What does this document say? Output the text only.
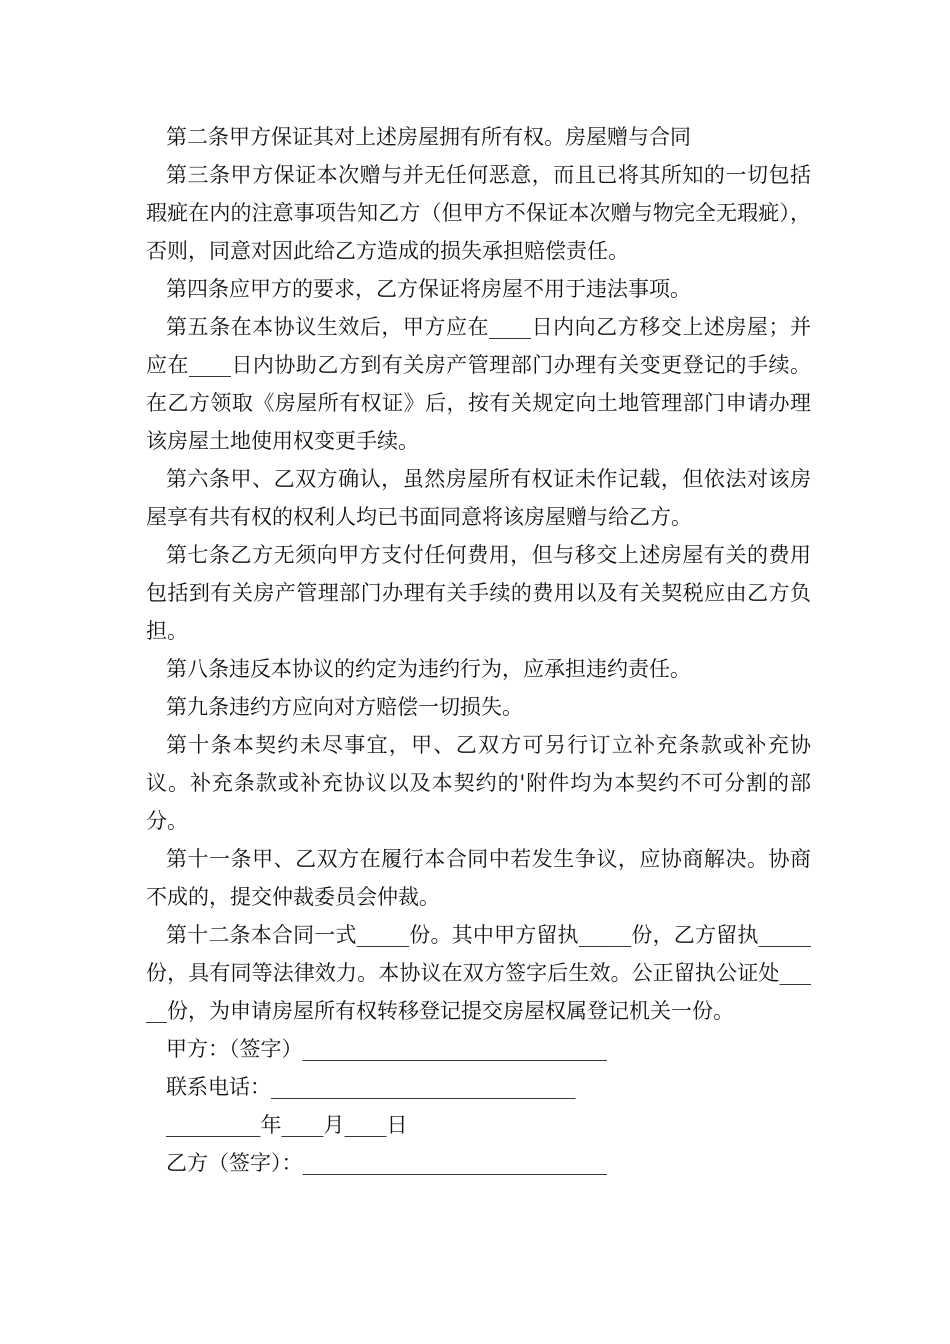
第二条甲方保证其对上述房屋拥有所有权。房屋赠与合同

第三条甲方保证本次赠与并无任何恶意，而且已将其所知的一切包括瑕疵在内的注意事项告知乙方（但甲方不保证本次赠与物完全无瑕疵），否则，同意对因此给乙方造成的损失承担赔偿责任。

第四条应甲方的要求，乙方保证将房屋不用于违法事项。

第五条在本协议生效后，甲方应在____日内向乙方移交上述房屋；并应在____日内协助乙方到有关房产管理部门办理有关变更登记的手续。在乙方领取《房屋所有权证》后，按有关规定向土地管理部门申请办理该房屋土地使用权变更手续。

第六条甲、乙双方确认，虽然房屋所有权证未作记载，但依法对该房屋享有共有权的权利人均已书面同意将该房屋赠与给乙方。

第七条乙方无须向甲方支付任何费用，但与移交上述房屋有关的费用包括到有关房产管理部门办理有关手续的费用以及有关契税应由乙方负担。

第八条违反本协议的约定为违约行为，应承担违约责任。

第九条违约方应向对方赔偿一切损失。

第十条本契约未尽事宜，甲、乙双方可另行订立补充条款或补充协议。补充条款或补充协议以及本契约的'附件均为本契约不可分割的部分。

第十一条甲、乙双方在履行本合同中若发生争议，应协商解决。协商不成的，提交仲裁委员会仲裁。

第十二条本合同一式_____份。其中甲方留执_____份，乙方留执_____份，具有同等法律效力。本协议在双方签字后生效。公正留执公证处_____份，为申请房屋所有权转移登记提交房屋权属登记机关一份。

甲方：（签字）_____________________________

联系电话：_____________________________

_________年____月____日

乙方（签字）：_____________________________
